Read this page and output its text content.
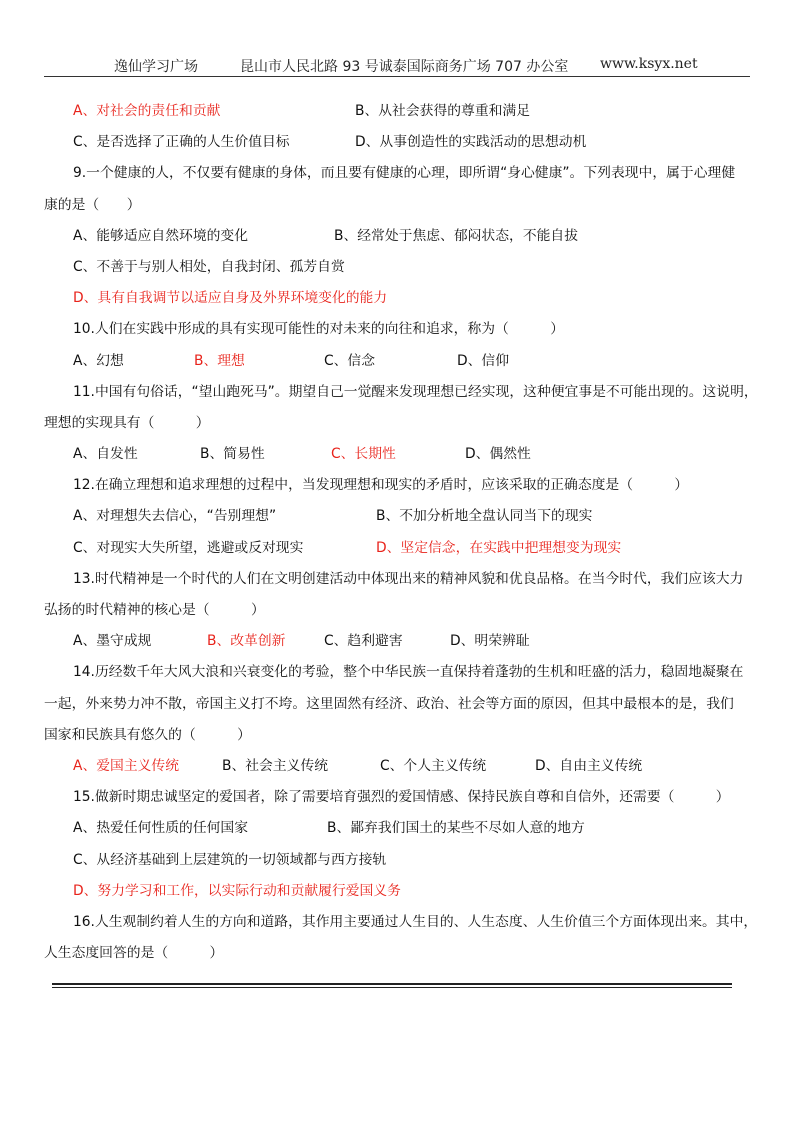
逸仙学习广场	昆山市人民北路 93 号诚泰国际商务广场 707 办公室 www.ksyx.net
A、对社会的责任和贡献	B、从社会获得的尊重和满足
C、是否选择了正确的人生价值目标	D、从事创造性的实践活动的思想动机
9.一个健康的人，不仅要有健康的身体，而且要有健康的心理，即所谓“身心健康”。下列表现中，属于心理健
康的是（　　）
A、能够适应自然环境的变化	B、经常处于焦虑、郁闷状态，不能自拔
C、不善于与别人相处，自我封闭、孤芳自赏
D、具有自我调节以适应自身及外界环境变化的能力
10.人们在实践中形成的具有实现可能性的对未来的向往和追求，称为（　　　）
A、幻想	B、理想	C、信念	D、信仰
11.中国有句俗话，“望山跑死马”。期望自己一觉醒来发现理想已经实现，这种便宜事是不可能出现的。这说明，
理想的实现具有（　　　）
A、自发性	B、简易性	C、长期性	D、偶然性
12.在确立理想和追求理想的过程中，当发现理想和现实的矛盾时，应该采取的正确态度是（　　　）
A、对理想失去信心，“告别理想”	B、不加分析地全盘认同当下的现实
C、对现实大失所望，逃避或反对现实	D、坚定信念，在实践中把理想变为现实
13.时代精神是一个时代的人们在文明创建活动中体现出来的精神风貌和优良品格。在当今时代，我们应该大力
弘扬的时代精神的核心是（　　　）
A、墨守成规	B、改革创新	C、趋利避害	D、明荣辨耻
14.历经数千年大风大浪和兴衰变化的考验，整个中华民族一直保持着蓬勃的生机和旺盛的活力，稳固地凝聚在
一起，外来势力冲不散，帝国主义打不垮。这里固然有经济、政治、社会等方面的原因，但其中最根本的是，我们
国家和民族具有悠久的（　　　）
A、爱国主义传统	B、社会主义传统	C、个人主义传统	D、自由主义传统
15.做新时期忠诚坚定的爱国者，除了需要培育强烈的爱国情感、保持民族自尊和自信外，还需要（　　　）
A、热爱任何性质的任何国家	B、鄙弃我们国土的某些不尽如人意的地方
C、从经济基础到上层建筑的一切领域都与西方接轨
D、努力学习和工作，以实际行动和贡献履行爱国义务
16.人生观制约着人生的方向和道路，其作用主要通过人生目的、人生态度、人生价值三个方面体现出来。其中，
人生态度回答的是（　　　）
